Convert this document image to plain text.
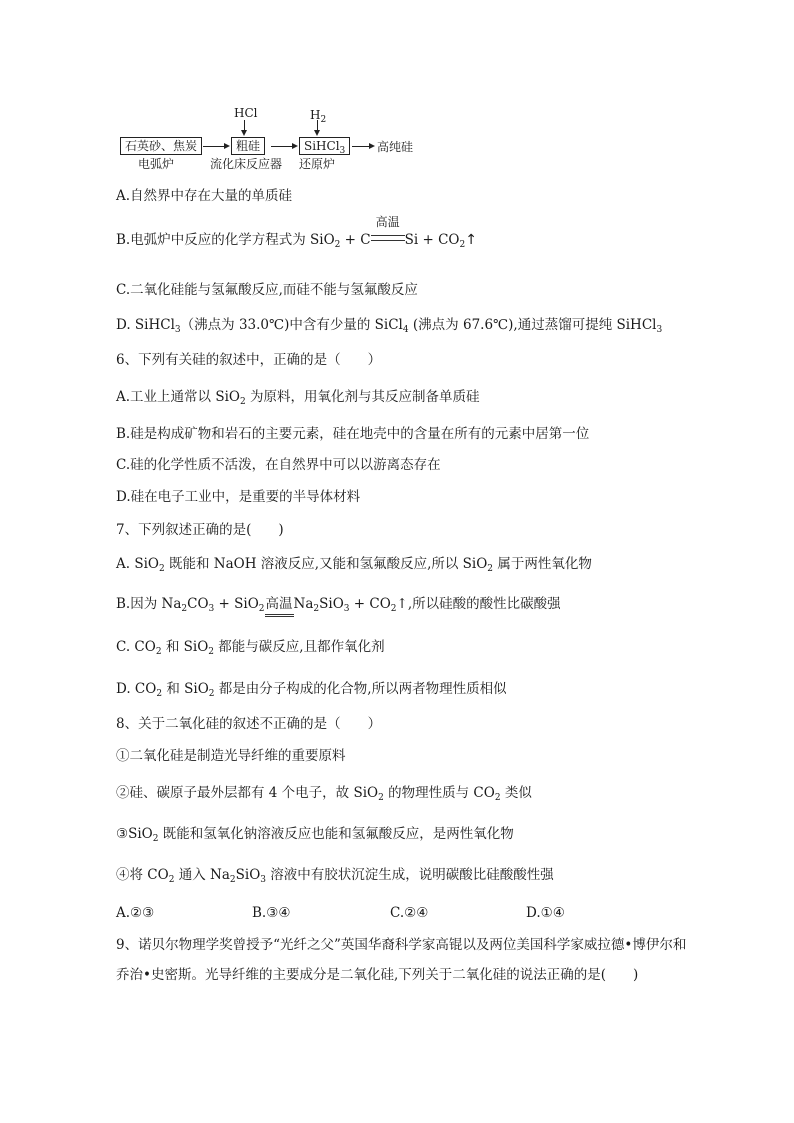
HCl	$H_2$
石英砂、焦炭	粗硅	SiHCl$_3$	高纯硅
电弧炉	流化床反应器 还原炉
A.自然界中存在大量的单质硅
B.电弧炉中反应的化学方程式为 SiO$_2$ + C
高温
$Si + CO_2↑$
C.二氧化硅能与氢氟酸反应,而硅不能与氢氟酸反应
D. SiHCl$_3$（沸点为 33.0℃)中含有少量的 SiCl$_4$ (沸点为 67.6℃),通过蒸馏可提纯 SiHCl$_3$
6、下列有关硅的叙述中，正确的是（　　）
A.工业上通常以 SiO$_2$ 为原料，用氧化剂与其反应制备单质硅
B.硅是构成矿物和岩石的主要元素，硅在地壳中的含量在所有的元素中居第一位
C.硅的化学性质不活泼，在自然界中可以以游离态存在
D.硅在电子工业中，是重要的半导体材料
7、下列叙述正确的是(　　)
A. SiO$_2$ 既能和 NaOH 溶液反应,又能和氢氟酸反应,所以 SiO$_2$ 属于两性氧化物
B.因为 $Na_2CO_3 + SiO_2$高温$Na_2SiO_3$ + $CO_2↑$,所以硅酸的酸性比碳酸强
C. $CO_2$ 和 SiO$_2$ 都能与碳反应,且都作氧化剂
D. $CO_2$ 和 SiO$_2$ 都是由分子构成的化合物,所以两者物理性质相似
8、关于二氧化硅的叙述不正确的是（　　）
①二氧化硅是制造光导纤维的重要原料
②硅、碳原子最外层都有 4 个电子，故 SiO$_2$ 的物理性质与 $CO_2$ 类似
③SiO$_2$ 既能和氢氧化钠溶液反应也能和氢氟酸反应，是两性氧化物
④将 $CO_2$ 通入 $Na_2SiO_3$ 溶液中有胶状沉淀生成，说明碳酸比硅酸酸性强
A.②③	B.③④	C.②④	D.①④
9、诺贝尔物理学奖曾授予“光纤之父”英国华裔科学家高锟以及两位美国科学家威拉德•博伊尔和乔治•史密斯。光导纤维的主要成分是二氧化硅,下列关于二氧化硅的说法正确的是(　　)
